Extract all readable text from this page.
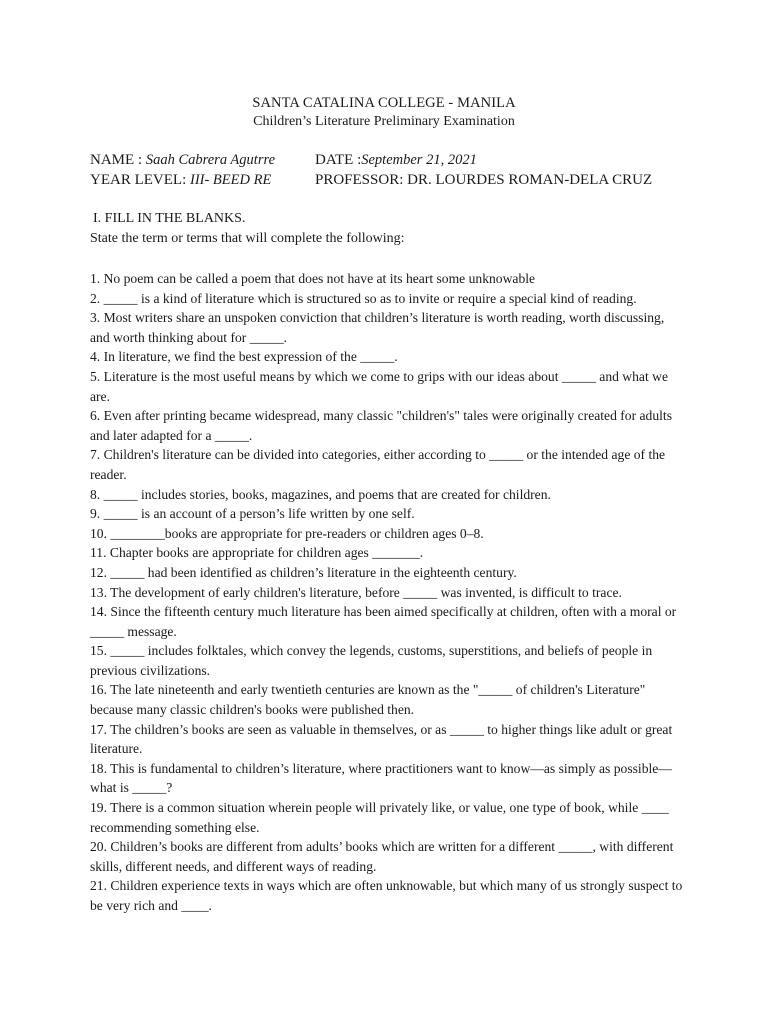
SANTA CATALINA COLLEGE - MANILA
Children’s Literature Preliminary Examination
NAME : Saah Cabrera Agutrre	DATE :September 21, 2021
YEAR LEVEL: III- BEED RE	PROFESSOR: DR. LOURDES ROMAN-DELA CRUZ
I. FILL IN THE BLANKS.
State the term or terms that will complete the following:
1. No poem can be called a poem that does not have at its heart some unknowable
2. _____ is a kind of literature which is structured so as to invite or require a special kind of reading.
3. Most writers share an unspoken conviction that children’s literature is worth reading, worth discussing, and worth thinking about for _____.
4. In literature, we find the best expression of the _____.
5. Literature is the most useful means by which we come to grips with our ideas about _____ and what we are.
6. Even after printing became widespread, many classic "children's" tales were originally created for adults and later adapted for a _____.
7. Children's literature can be divided into categories, either according to _____ or the intended age of the reader.
8. _____ includes stories, books, magazines, and poems that are created for children.
9. _____ is an account of a person’s life written by one self.
10. ________books are appropriate for pre-readers or children ages 0–8.
11. Chapter books are appropriate for children ages _______.
12. _____ had been identified as children’s literature in the eighteenth century.
13. The development of early children's literature, before _____ was invented, is difficult to trace.
14. Since the fifteenth century much literature has been aimed specifically at children, often with a moral or _____ message.
15. _____ includes folktales, which convey the legends, customs, superstitions, and beliefs of people in previous civilizations.
16. The late nineteenth and early twentieth centuries are known as the "_____ of children's Literature" because many classic children's books were published then.
17. The children’s books are seen as valuable in themselves, or as _____ to higher things like adult or great literature.
18. This is fundamental to children’s literature, where practitioners want to know—as simply as possible—what is _____?
19. There is a common situation wherein people will privately like, or value, one type of book, while ____ recommending something else.
20. Children’s books are different from adults’ books which are written for a different _____, with different skills, different needs, and different ways of reading.
21. Children experience texts in ways which are often unknowable, but which many of us strongly suspect to be very rich and ____.
